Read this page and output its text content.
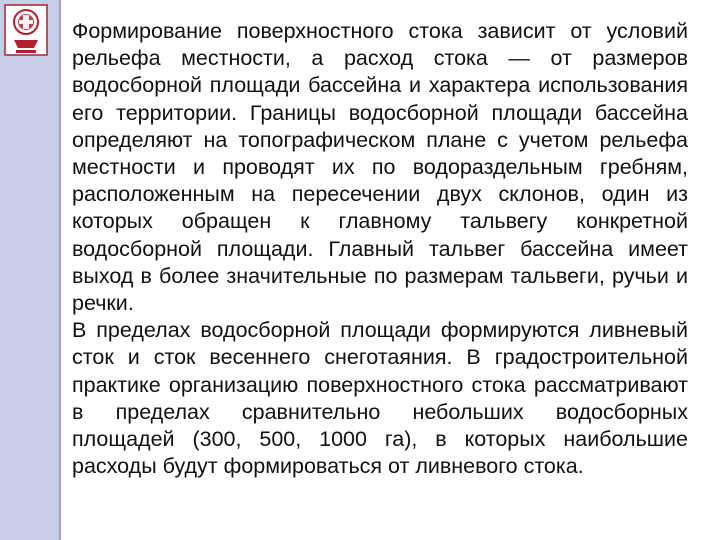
Формирование поверхностного стока зависит от условий рельефа местности, а расход стока — от размеров водосборной площади бассейна и характера использования его территории. Границы водосборной площади бассейна определяют на топографическом плане с учетом рельефа местности и проводят их по водораздельным гребням, расположенным на пересечении двух склонов, один из которых обращен к главному тальвегу конкретной водосборной площади. Главный тальвег бассейна имеет выход в более значительные по размерам тальвеги, ручьи и речки.

В пределах водосборной площади формируются ливневый сток и сток весеннего снеготаяния. В градостроительной практике организацию поверхностного стока рассматривают в пределах сравнительно небольших водосборных площадей (300, 500, 1000 га), в которых наибольшие расходы будут формироваться от ливневого стока.
